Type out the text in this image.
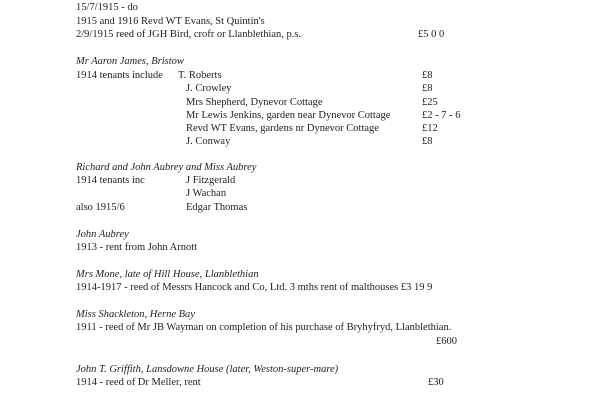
15/7/1915 - do
1915 and 1916 Revd WT Evans, St Quintin's
2/9/1915 reed of JGH Bird, crofr or Llanblethian, p.s.	£5 0 0
Mr Aaron James, Bristow
1914 tenants include T. Roberts	£8
J. Crowley	£8
Mrs Shepherd, Dynevor Cottage	£25
Mr Lewis Jenkins, garden near Dynevor Cottage	£2 - 7 - 6
Revd WT Evans, gardens nr Dynevor Cottage	£12
J. Conway	£8
Richard and John Aubrey and Miss Aubrey
1914 tenants inc	J Fitzgerald
J Wachan
also 1915/6	Edgar Thomas
John Aubrey
1913 - rent from John Arnott
Mrs Mone, late of Hill House, Llanblethian
1914-1917 - reed of Messrs Hancock and Co, Ltd. 3 mths rent of malthouses £3 19 9
Miss Shackleton, Herne Bay
1911 - reed of Mr JB Wayman on completion of his purchase of Bryhyfryd, Llanblethian.
£600
John T. Griffith, Lansdowne House (later, Weston-super-mare)
1914 - reed of Dr Meller, rent	£30
